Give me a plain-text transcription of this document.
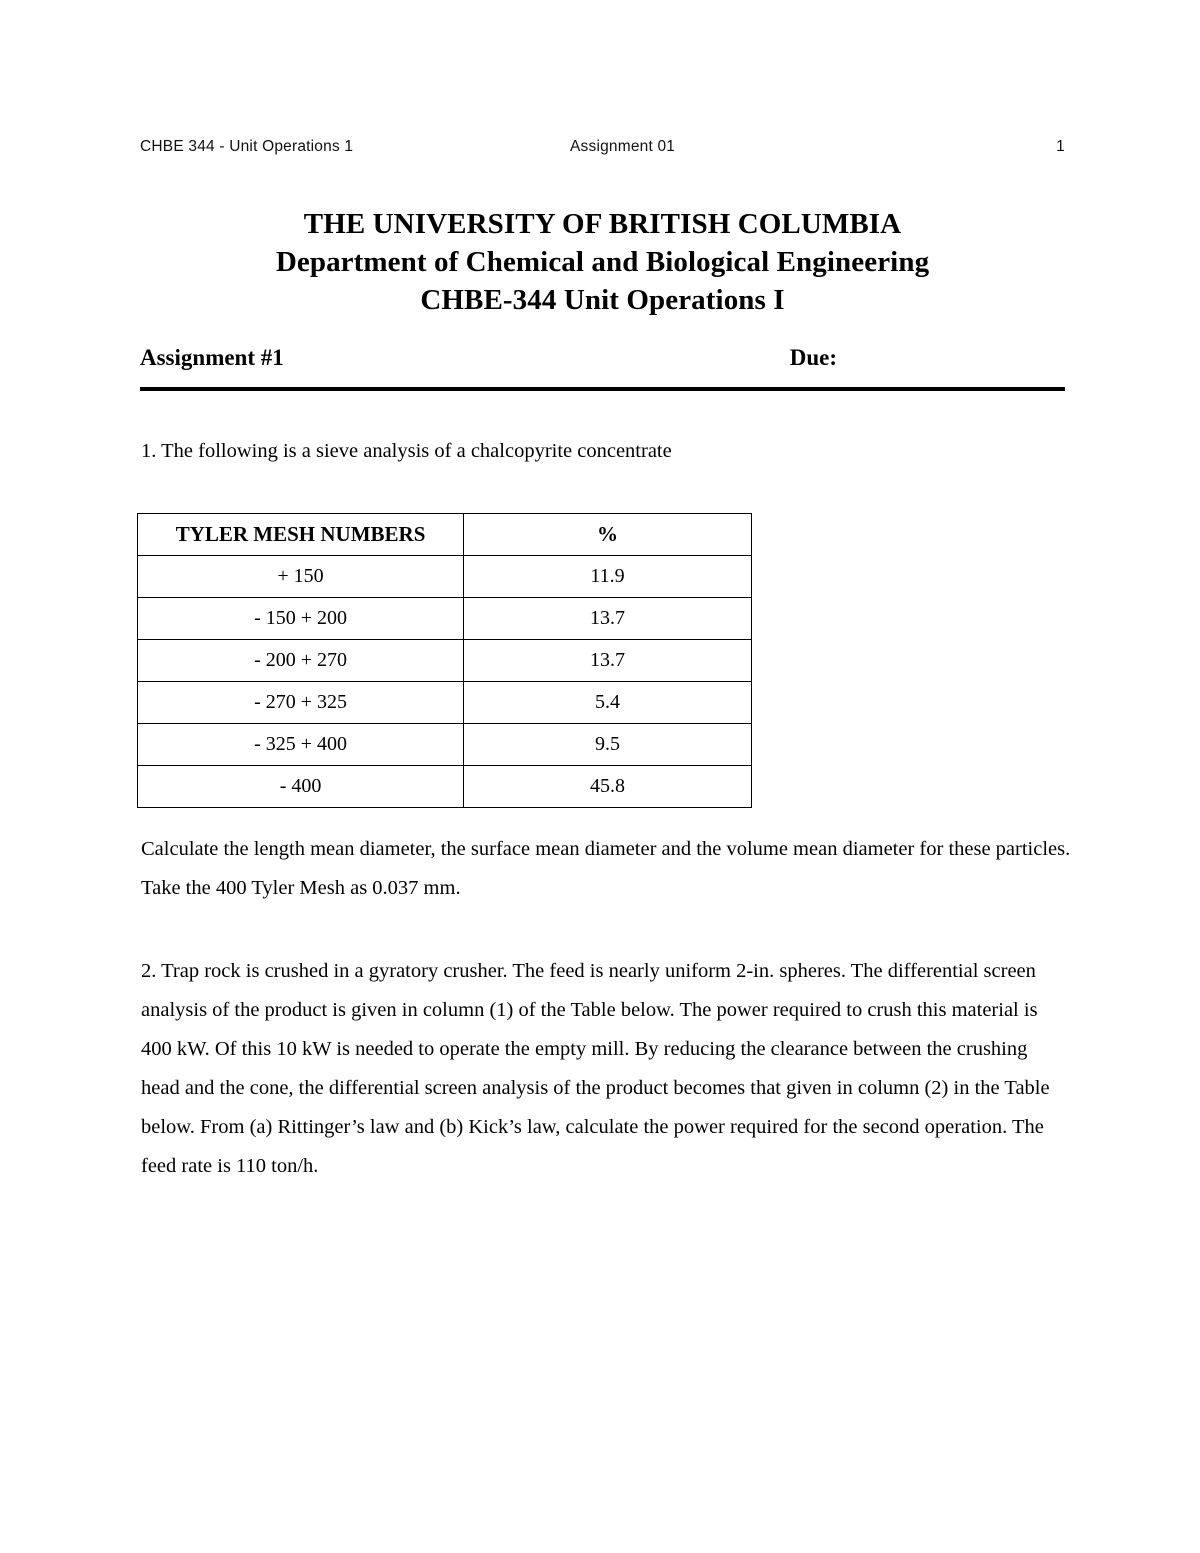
CHBE 344 - Unit Operations 1	Assignment 01	1
THE UNIVERSITY OF BRITISH COLUMBIA
Department of Chemical and Biological Engineering
CHBE-344 Unit Operations I
Assignment #1	Due:
1. The following is a sieve analysis of a chalcopyrite concentrate
TYLER MESH NUMBERS	%
+ 150	11.9
- 150 + 200	13.7
- 200 + 270	13.7
- 270 + 325	5.4
- 325 + 400	9.5
- 400	45.8
Calculate the length mean diameter, the surface mean diameter and the volume mean diameter for these particles. Take the 400 Tyler Mesh as 0.037 mm.
2. Trap rock is crushed in a gyratory crusher. The feed is nearly uniform 2-in. spheres. The differential screen analysis of the product is given in column (1) of the Table below. The power required to crush this material is 400 kW. Of this 10 kW is needed to operate the empty mill. By reducing the clearance between the crushing head and the cone, the differential screen analysis of the product becomes that given in column (2) in the Table below. From (a) Rittinger’s law and (b) Kick’s law, calculate the power required for the second operation. The feed rate is 110 ton/h.
